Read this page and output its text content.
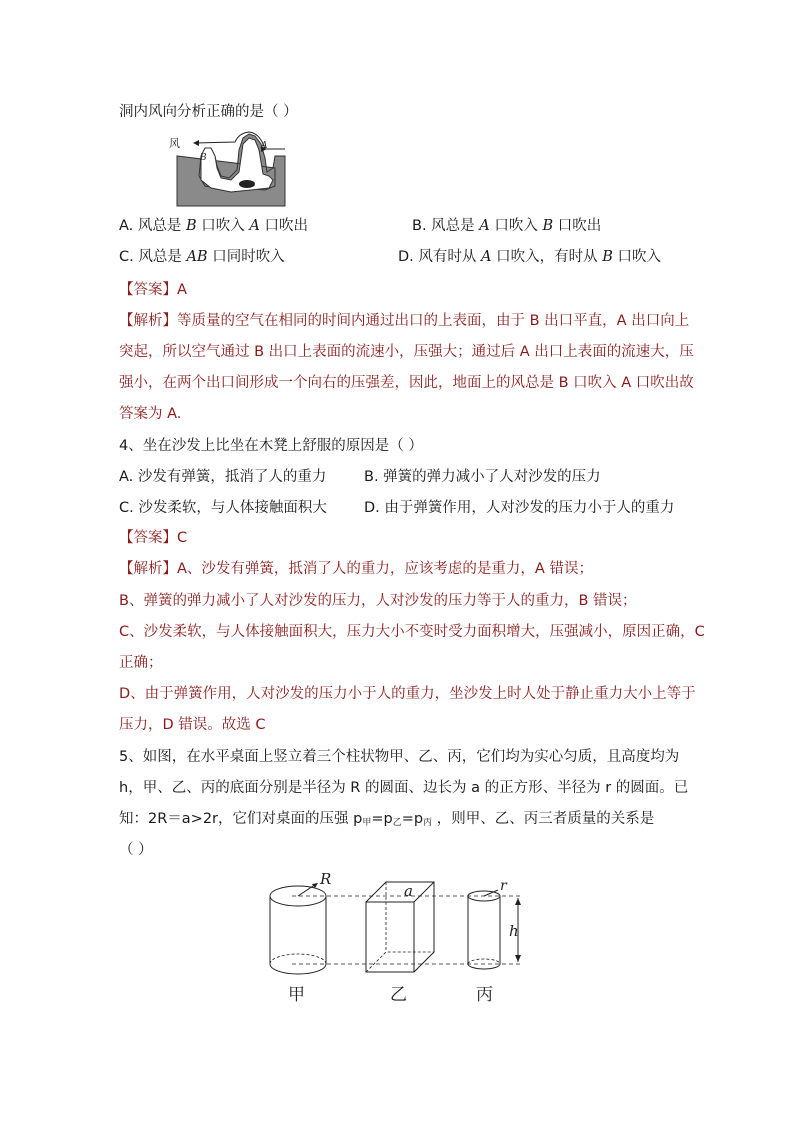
洞内风向分析正确的是（ ）
风
B
A
A. 风总是 B 口吹入 A 口吹出	B. 风总是 A 口吹入 B 口吹出
C. 风总是 AB 口同时吹入	D. 风有时从 A 口吹入，有时从 B 口吹入
【答案】A
【解析】等质量的空气在相同的时间内通过出口的上表面，由于 B 出口平直，A 出口向上
突起，所以空气通过 B 出口上表面的流速小，压强大；通过后 A 出口上表面的流速大，压
强小，在两个出口间形成一个向右的压强差，因此，地面上的风总是 B 口吹入 A 口吹出故
答案为 A.
4、坐在沙发上比坐在木凳上舒服的原因是（ ）
A. 沙发有弹簧，抵消了人的重力	B. 弹簧的弹力减小了人对沙发的压力
C. 沙发柔软，与人体接触面积大	D. 由于弹簧作用，人对沙发的压力小于人的重力
【答案】C
【解析】A、沙发有弹簧，抵消了人的重力，应该考虑的是重力，A 错误；
B、弹簧的弹力减小了人对沙发的压力，人对沙发的压力等于人的重力，B 错误；
C、沙发柔软，与人体接触面积大，压力大小不变时受力面积增大，压强减小，原因正确，C
正确；
D、由于弹簧作用，人对沙发的压力小于人的重力，坐沙发上时人处于静止重力大小上等于
压力，D 错误。故选 C
5、如图，在水平桌面上竖立着三个柱状物甲、乙、丙，它们均为实心匀质，且高度均为
h，甲、乙、丙的底面分别是半径为 R 的圆面、边长为 a 的正方形、半径为 r 的圆面。已
知：2R＝a>2r，它们对桌面的压强 $p_甲=p_乙=p_丙$ ，则甲、乙、丙三者质量的关系是
（ ）
R
a	r
h
甲	乙	丙
